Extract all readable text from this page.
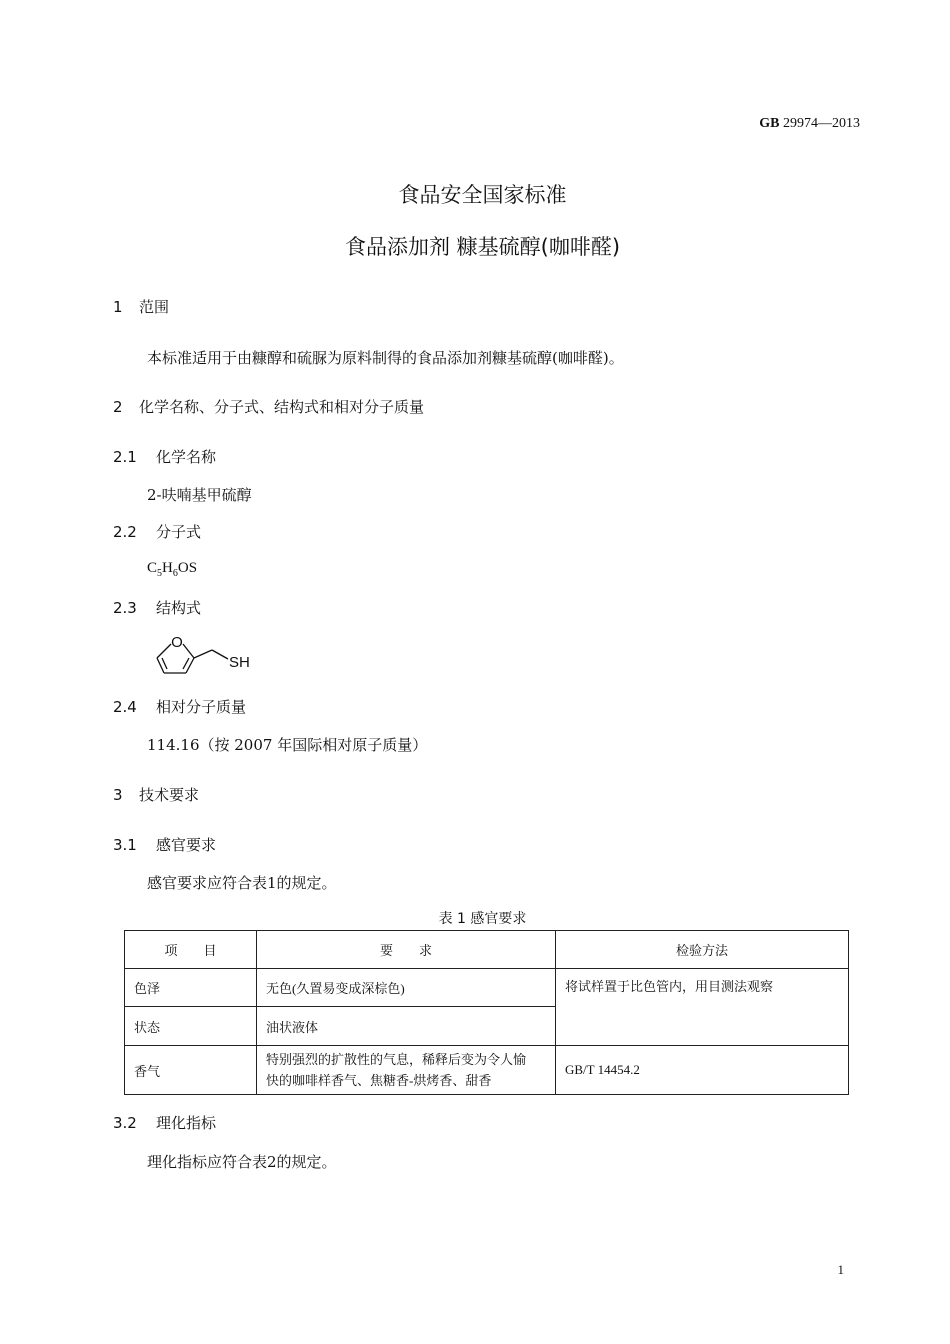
GB 29974—2013
食品安全国家标准
食品添加剂 糠基硫醇(咖啡醛)
1 范围
本标准适用于由糠醇和硫脲为原料制得的食品添加剂糠基硫醇(咖啡醛)。
2 化学名称、分子式、结构式和相对分子质量
2.1 化学名称
2-呋喃基甲硫醇
2.2 分子式
$C_5H_6OS$
2.3 结构式
O
SH
2.4 相对分子质量
114.16（按 2007 年国际相对原子质量）
3 技术要求
3.1 感官要求
感官要求应符合表1的规定。
表 1 感官要求
项　　目	要　　求	检验方法
色泽	无色(久置易变成深棕色)	将试样置于比色管内，用目测法观察
状态	油状液体	
香气	特别强烈的扩散性的气息，稀释后变为令人愉
快的咖啡样香气、焦糖香-烘烤香、甜香	GB/T 14454.2
3.2 理化指标
理化指标应符合表2的规定。
1
